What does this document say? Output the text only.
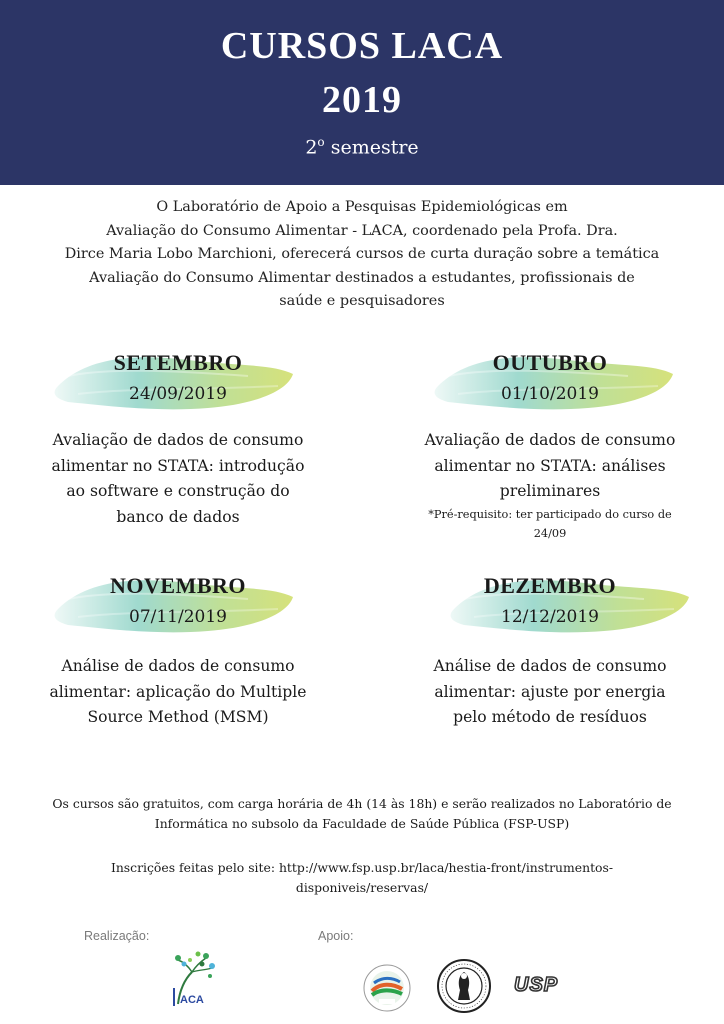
CURSOS LACA
2019
2$^o$ semestre
O Laboratório de Apoio a Pesquisas Epidemiológicas em
Avaliação do Consumo Alimentar - LACA, coordenado pela Profa. Dra.
Dirce Maria Lobo Marchioni, oferecerá cursos de curta duração sobre a temática
Avaliação do Consumo Alimentar destinados a estudantes, profissionais de
saúde e pesquisadores
SETEMBRO
24/09/2019
Avaliação de dados de consumo
alimentar no STATA: introdução
ao software e construção do
banco de dados
OUTUBRO
01/10/2019
Avaliação de dados de consumo
alimentar no STATA: análises
preliminares
*Pré-requisito: ter participado do curso de
24/09
NOVEMBRO
07/11/2019
Análise de dados de consumo
alimentar: aplicação do Multiple
Source Method (MSM)
DEZEMBRO
12/12/2019
Análise de dados de consumo
alimentar: ajuste por energia
pelo método de resíduos
Os cursos são gratuitos, com carga horária de 4h (14 às 18h) e serão realizados no Laboratório de
Informática no subsolo da Faculdade de Saúde Pública (FSP-USP)
Inscrições feitas pelo site: http://www.fsp.usp.br/laca/hestia-front/instrumentos-
disponiveis/reservas/
Realização:	Apoio:
ACA
USP
